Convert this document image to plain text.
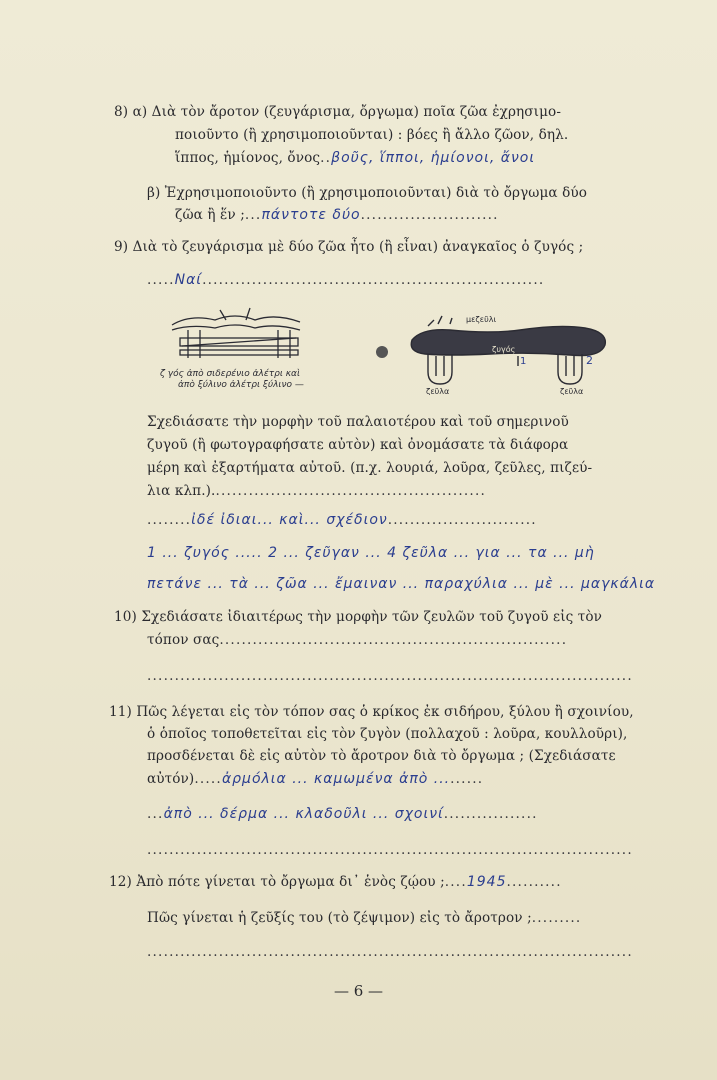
8) α) Διὰ τὸν ἄροτον (ζευγάρισμα, ὄργωμα) ποῖα ζῶα ἐχρησιμο-
ποιοῦντο (ἢ χρησιμοποιοῦνται) : βόες ἢ ἄλλο ζῶον, δηλ.
ἵππος, ἡμίονος, ὄνος..βοῦς, ἵπποι, ἡμίονοι, ἄνοι
β) Ἐχρησιμοποιοῦντο (ἢ χρησιμοποιοῦνται) διὰ τὸ ὄργωμα δύο
ζῶα ἢ ἕν ;...πάντοτε δύο.........................
9) Διὰ τὸ ζευγάρισμα μὲ δύο ζῶα ἦτο (ἢ εἶναι) ἀναγκαῖος ὁ ζυγός ;
.....Ναί..............................................................
ζ γός ἀπὸ σιδερένιο ἀλέτρι καὶ
ἀπὸ ξύλινο ἀλέτρι ξύλινο —
μεζεῦλι
ζυγός
1	2
ζεῦλα	ζεῦλα
Σχεδιάσατε τὴν μορφὴν τοῦ παλαιοτέρου καὶ τοῦ σημερινοῦ
ζυγοῦ (ἢ φωτογραφήσατε αὐτὸν) καὶ ὀνομάσατε τὰ διάφορα
μέρη καὶ ἐξαρτήματα αὐτοῦ. (π.χ. λουριά, λοῦρα, ζεῦλες, πιζεύ-
λια κλπ.)..................................................
........ἰδέ ἰδιαι... καὶ... σχέδιον...........................
1 ... ζυγός ..... 2 ... ζεῦγαν ... 4 ζεῦλα ... για ... τα ... μὴ
πετάνε ... τὰ ... ζῶα ... ἔμαιναν ... παραχύλια ... μὲ ... μαγκάλια
10) Σχεδιάσατε ἰδιαιτέρως τὴν μορφὴν τῶν ζευλῶν τοῦ ζυγοῦ εἰς τὸν
τόπον σας...............................................................
........................................................................................
11) Πῶς λέγεται εἰς τὸν τόπον σας ὁ κρίκος ἐκ σιδήρου, ξύλου ἢ σχοινίου,
ὁ ὁποῖος τοποθετεῖται εἰς τὸν ζυγὸν (πολλαχοῦ : λοῦρα, κουλλοῦρι),
προσδένεται δὲ εἰς αὐτὸν τὸ ἄροτρον διὰ τὸ ὄργωμα ; (Σχεδιάσατε
αὐτόν).....ἀρμόλια ... καμωμένα ἀπὸ .........
...ἀπὸ ... δέρμα ... κλαδοῦλι ... σχοινί.................
........................................................................................
12) Ἀπὸ πότε γίνεται τὸ ὄργωμα δι᾽ ἑνὸς ζῴου ;....1945..........
Πῶς γίνεται ἡ ζεῦξίς του (τὸ ζέψιμον) εἰς τὸ ἄροτρον ;.........
........................................................................................
— 6 —
